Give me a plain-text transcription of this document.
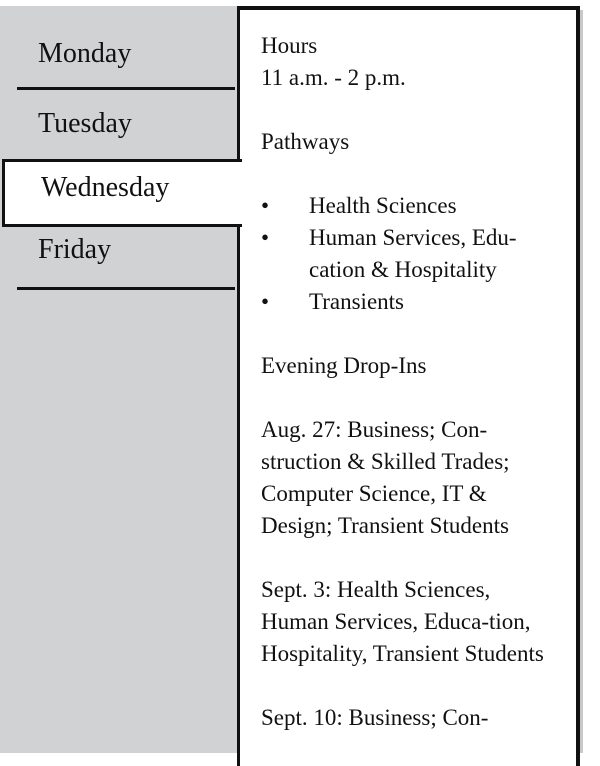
Monday
Tuesday
Wednesday
Friday

Hours
11 a.m. - 2 p.m.

Pathways

• Health Sciences
• Human Services, Edu-cation & Hospitality
• Transients

Evening Drop-Ins

Aug. 27: Business; Con-struction & Skilled Trades; Computer Science, IT & Design; Transient Students

Sept. 3: Health Sciences, Human Services, Educa-tion, Hospitality, Transient Students

Sept. 10: Business; Con-
